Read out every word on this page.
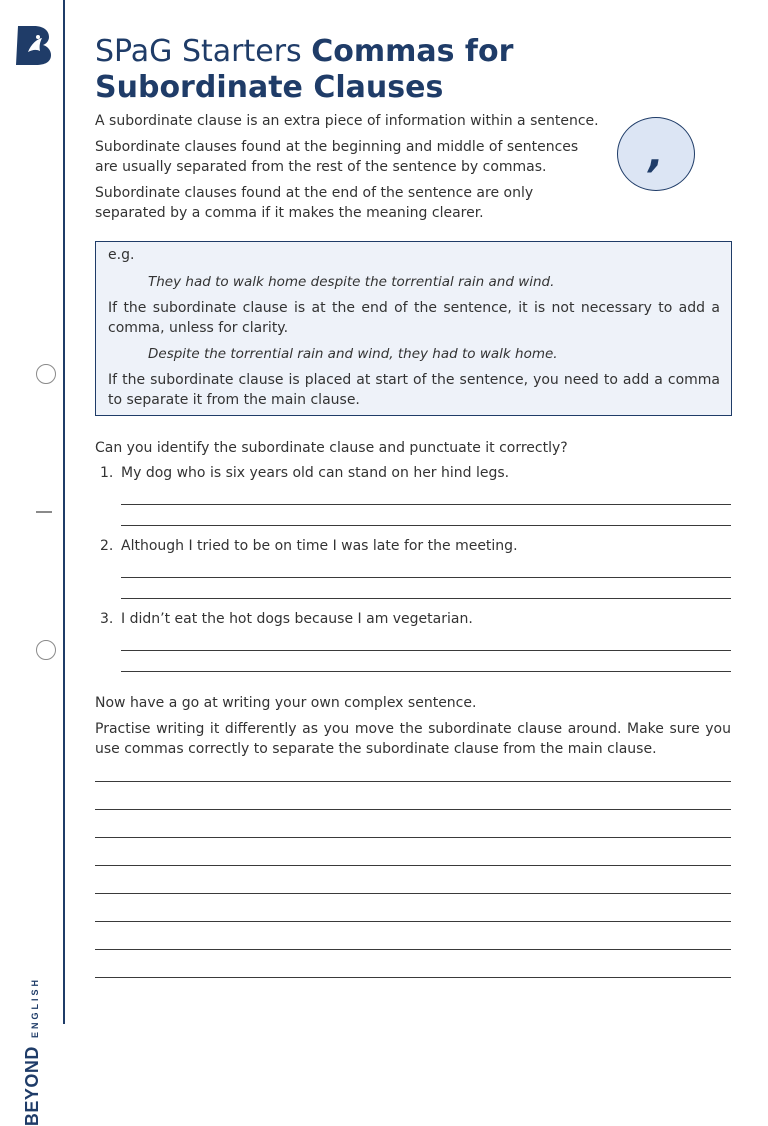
BEYOND ENGLISH
SPaG Starters Commas for Subordinate Clauses

A subordinate clause is an extra piece of information within a sentence.

Subordinate clauses found at the beginning and middle of sentences are usually separated from the rest of the sentence by commas.

Subordinate clauses found at the end of the sentence are only separated by a comma if it makes the meaning clearer.

,

e.g.

They had to walk home despite the torrential rain and wind.

If the subordinate clause is at the end of the sentence, it is not necessary to add a comma, unless for clarity.

Despite the torrential rain and wind, they had to walk home.

If the subordinate clause is placed at start of the sentence, you need to add a comma to separate it from the main clause.

Can you identify the subordinate clause and punctuate it correctly?

1. My dog who is six years old can stand on her hind legs.
2. Although I tried to be on time I was late for the meeting.
3. I didn’t eat the hot dogs because I am vegetarian.

Now have a go at writing your own complex sentence.

Practise writing it differently as you move the subordinate clause around. Make sure you use commas correctly to separate the subordinate clause from the main clause.
